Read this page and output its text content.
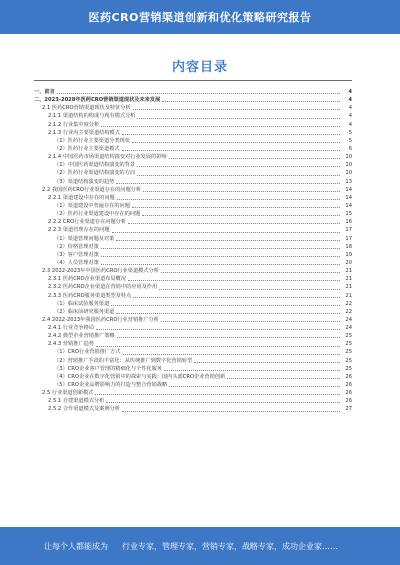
医药CRO营销渠道创新和优化策略研究报告
内容目录
一、前言	4
二、2023-2028年医药CRO营销渠道现状及未来发展	4
2.1 医药CRO营销渠道现状及特征分析	4
2.1.1 渠道结构的构成与现有模式分析	4
2.1.2 行业集中度分析	4
2.1.3 行业内主要渠道结构模式	5
（1）医药行业主要渠道分类现状	5
（2）医药行业主要渠道模式	6
2.1.4 中国医药市场渠道结构演变对行业发展的影响	10
（1）中国医药渠道结构演变的背景	10
（2）医药行业渠道结构演变的方向	10
（3）渠道结构演变的趋势	13
2.2 我国医药CRO行业渠道存在的问题分析	14
2.2.1 渠道建设中存在的问题	14
（1）渠道建设中普遍存在的问题	14
（2）医药行业渠道建设中存在的问题	15
2.2.2 CRO行业渠道存在问题分析	16
2.2.3 渠道管理存在的问题	17
（1）渠道管理问题及对策	17
（2）价格管理对策	18
（3）客户管理对策	19
（4）人员管理对策	20
2.3 2022-2023年中国医药CRO行业渠道模式分析	21
2.3.1 医药CRO企业渠道布局概况	21
2.3.2 医药CRO企业渠道在营销中的应用及作用	21
2.3.3 医药CRO服务渠道类型及特点	21
（1）临床试验服务渠道	22
（2）临床前研究服务渠道	22
2.4 2022-2023年我国医药CRO行业营销推广分析	24
2.4.1 行业竞争格局	24
2.4.2 典型企业营销推广策略	25
2.4.3 营销推广趋势	25
（1）CRO行业营销推广方式	25
（2）营销推广手段的丰富化：从传统推广到数字化营销转型	25
（3）CRO企业客户管理的精细化与个性化服务	25
（4）CRO企业在数字化营销中的探索与实践：国内头部CRO企业营销创新	26
（5）CRO企业品牌影响力的打造与整合营销战略	26
2.5 行业渠道创新模式	26
2.5.1 自建渠道模式分析	26
2.5.2 合作渠道模式及案例分析	27
让每个人都能成为 行业专家，管理专家，营销专家，战略专家，成功企业家……
